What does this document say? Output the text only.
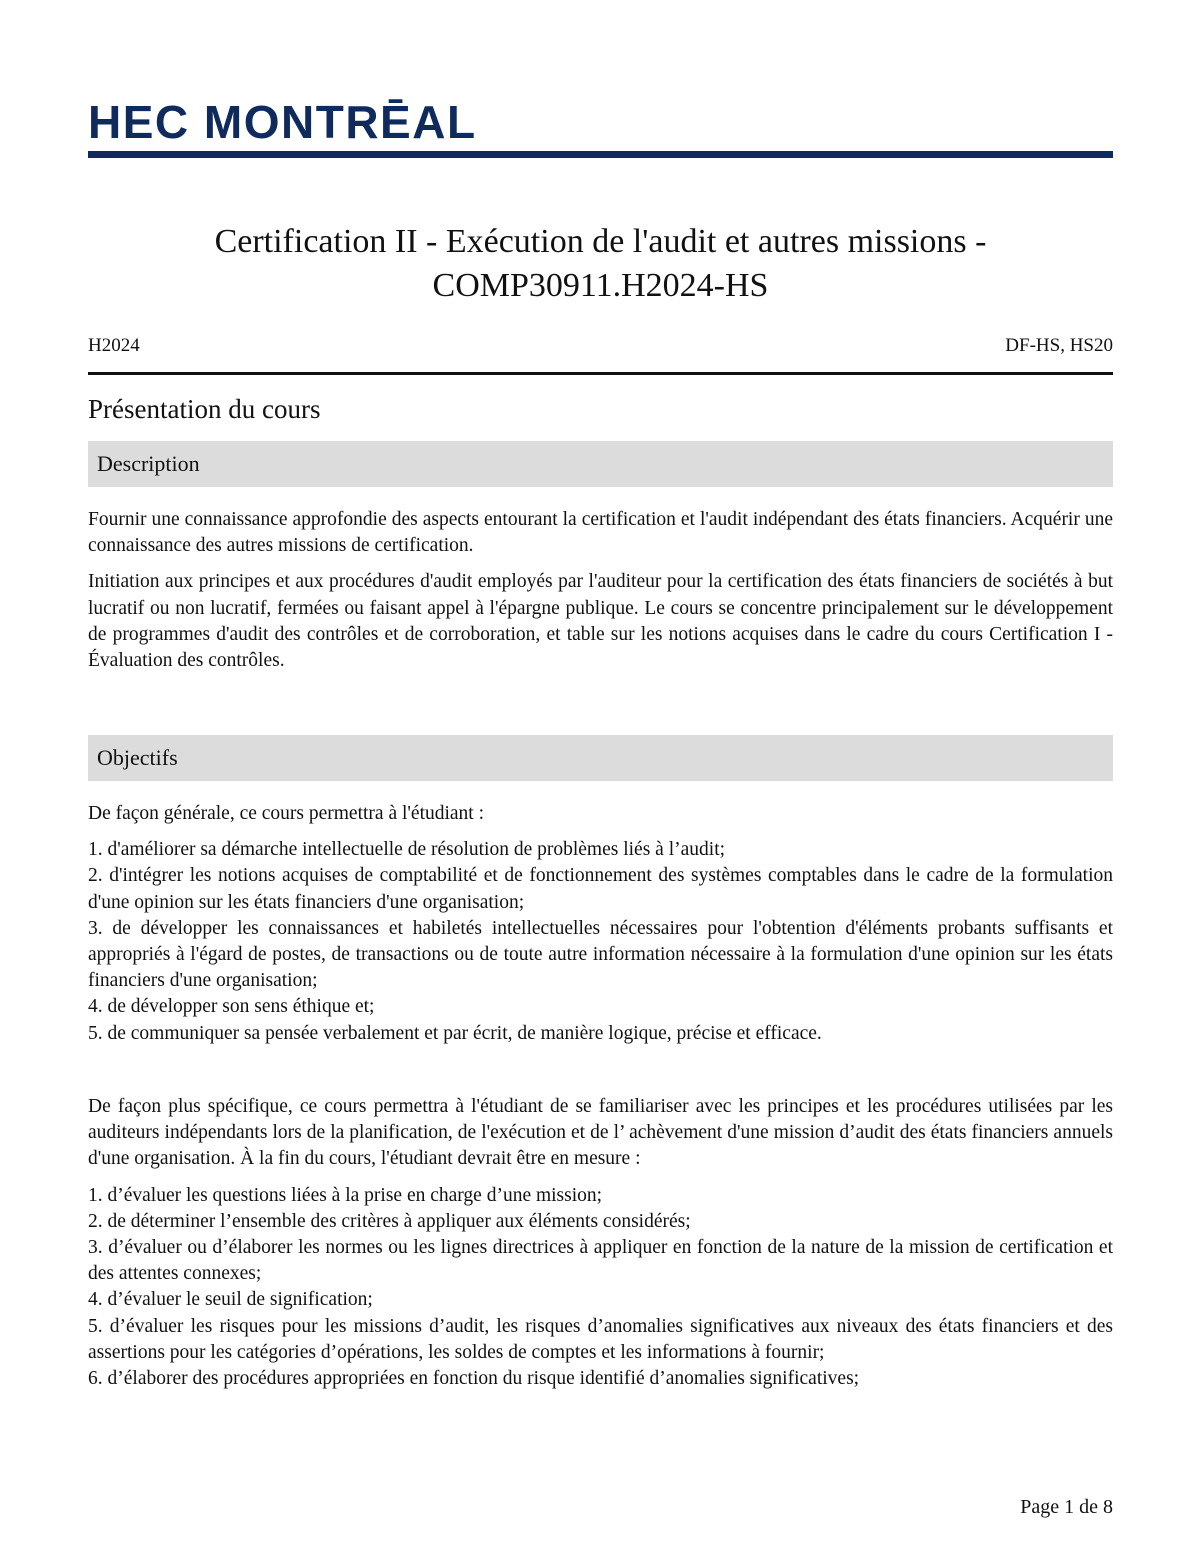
HEC MONTRĒAL
Certification II - Exécution de l'audit et autres missions -
COMP30911.H2024-HS
H2024	DF-HS, HS20
Présentation du cours
Description

Fournir une connaissance approfondie des aspects entourant la certification et l'audit indépendant des états financiers. Acquérir une connaissance des autres missions de certification.

Initiation aux principes et aux procédures d'audit employés par l'auditeur pour la certification des états financiers de sociétés à but lucratif ou non lucratif, fermées ou faisant appel à l'épargne publique. Le cours se concentre principalement sur le développement de programmes d'audit des contrôles et de corroboration, et table sur les notions acquises dans le cadre du cours Certification I - Évaluation des contrôles.

Objectifs

De façon générale, ce cours permettra à l'étudiant :

1. d'améliorer sa démarche intellectuelle de résolution de problèmes liés à l’audit;
2. d'intégrer les notions acquises de comptabilité et de fonctionnement des systèmes comptables dans le cadre de la formulation d'une opinion sur les états financiers d'une organisation;
3. de développer les connaissances et habiletés intellectuelles nécessaires pour l'obtention d'éléments probants suffisants et appropriés à l'égard de postes, de transactions ou de toute autre information nécessaire à la formulation d'une opinion sur les états financiers d'une organisation;
4. de développer son sens éthique et;
5. de communiquer sa pensée verbalement et par écrit, de manière logique, précise et efficace.

De façon plus spécifique, ce cours permettra à l'étudiant de se familiariser avec les principes et les procédures utilisées par les auditeurs indépendants lors de la planification, de l'exécution et de l’ achèvement d'une mission d’audit des états financiers annuels d'une organisation. À la fin du cours, l'étudiant devrait être en mesure :

1. d’évaluer les questions liées à la prise en charge d’une mission;
2. de déterminer l’ensemble des critères à appliquer aux éléments considérés;
3. d’évaluer ou d’élaborer les normes ou les lignes directrices à appliquer en fonction de la nature de la mission de certification et des attentes connexes;
4. d’évaluer le seuil de signification;
5. d’évaluer les risques pour les missions d’audit, les risques d’anomalies significatives aux niveaux des états financiers et des assertions pour les catégories d’opérations, les soldes de comptes et les informations à fournir;
6. d’élaborer des procédures appropriées en fonction du risque identifié d’anomalies significatives;
Page 1 de 8
